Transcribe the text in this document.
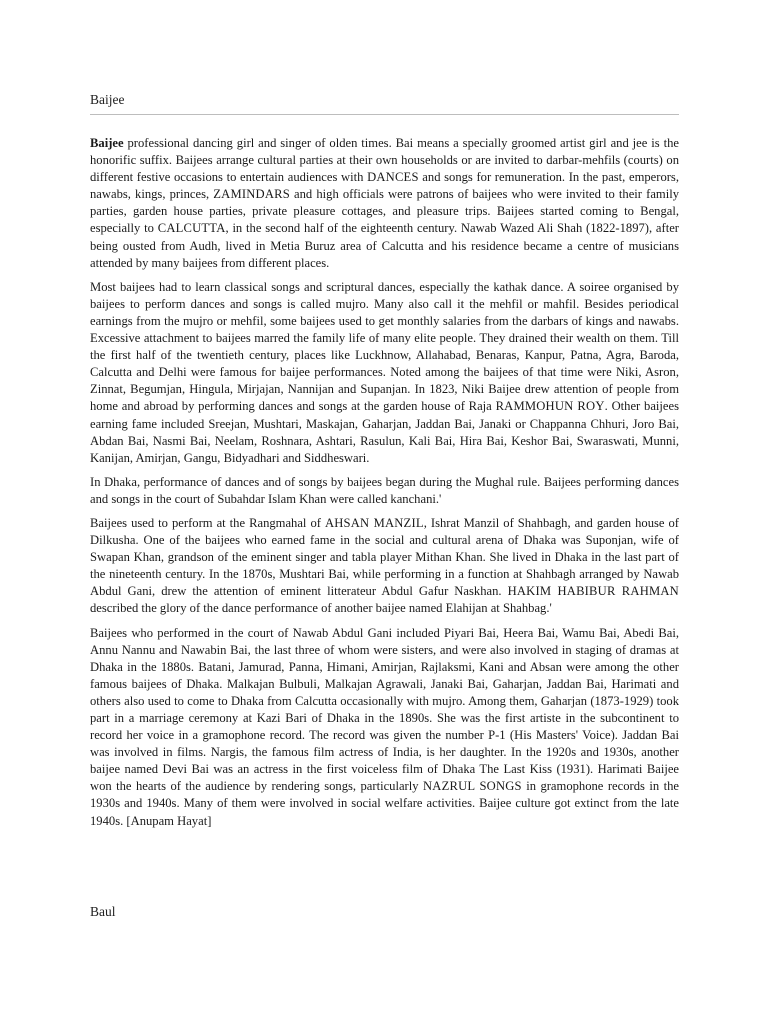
Baijee

Baijee professional dancing girl and singer of olden times. Bai means a specially groomed artist girl and jee is the honorific suffix. Baijees arrange cultural parties at their own households or are invited to darbar-mehfils (courts) on different festive occasions to entertain audiences with DANCES and songs for remuneration. In the past, emperors, nawabs, kings, princes, ZAMINDARS and high officials were patrons of baijees who were invited to their family parties, garden house parties, private pleasure cottages, and pleasure trips. Baijees started coming to Bengal, especially to CALCUTTA, in the second half of the eighteenth century. Nawab Wazed Ali Shah (1822-1897), after being ousted from Audh, lived in Metia Buruz area of Calcutta and his residence became a centre of musicians attended by many baijees from different places.

Most baijees had to learn classical songs and scriptural dances, especially the kathak dance. A soiree organised by baijees to perform dances and songs is called mujro. Many also call it the mehfil or mahfil. Besides periodical earnings from the mujro or mehfil, some baijees used to get monthly salaries from the darbars of kings and nawabs. Excessive attachment to baijees marred the family life of many elite people. They drained their wealth on them. Till the first half of the twentieth century, places like Luckhnow, Allahabad, Benaras, Kanpur, Patna, Agra, Baroda, Calcutta and Delhi were famous for baijee performances. Noted among the baijees of that time were Niki, Asron, Zinnat, Begumjan, Hingula, Mirjajan, Nannijan and Supanjan. In 1823, Niki Baijee drew attention of people from home and abroad by performing dances and songs at the garden house of Raja RAMMOHUN ROY. Other baijees earning fame included Sreejan, Mushtari, Maskajan, Gaharjan, Jaddan Bai, Janaki or Chappanna Chhuri, Joro Bai, Abdan Bai, Nasmi Bai, Neelam, Roshnara, Ashtari, Rasulun, Kali Bai, Hira Bai, Keshor Bai, Swaraswati, Munni, Kanijan, Amirjan, Gangu, Bidyadhari and Siddheswari.

In Dhaka, performance of dances and of songs by baijees began during the Mughal rule. Baijees performing dances and songs in the court of Subahdar Islam Khan were called kanchani.'

Baijees used to perform at the Rangmahal of AHSAN MANZIL, Ishrat Manzil of Shahbagh, and garden house of Dilkusha. One of the baijees who earned fame in the social and cultural arena of Dhaka was Suponjan, wife of Swapan Khan, grandson of the eminent singer and tabla player Mithan Khan. She lived in Dhaka in the last part of the nineteenth century. In the 1870s, Mushtari Bai, while performing in a function at Shahbagh arranged by Nawab Abdul Gani, drew the attention of eminent litterateur Abdul Gafur Naskhan. HAKIM HABIBUR RAHMAN described the glory of the dance performance of another baijee named Elahijan at Shahbag.'

Baijees who performed in the court of Nawab Abdul Gani included Piyari Bai, Heera Bai, Wamu Bai, Abedi Bai, Annu Nannu and Nawabin Bai, the last three of whom were sisters, and were also involved in staging of dramas at Dhaka in the 1880s. Batani, Jamurad, Panna, Himani, Amirjan, Rajlaksmi, Kani and Absan were among the other famous baijees of Dhaka. Malkajan Bulbuli, Malkajan Agrawali, Janaki Bai, Gaharjan, Jaddan Bai, Harimati and others also used to come to Dhaka from Calcutta occasionally with mujro. Among them, Gaharjan (1873-1929) took part in a marriage ceremony at Kazi Bari of Dhaka in the 1890s. She was the first artiste in the subcontinent to record her voice in a gramophone record. The record was given the number P-1 (His Masters' Voice). Jaddan Bai was involved in films. Nargis, the famous film actress of India, is her daughter. In the 1920s and 1930s, another baijee named Devi Bai was an actress in the first voiceless film of Dhaka The Last Kiss (1931). Harimati Baijee won the hearts of the audience by rendering songs, particularly NAZRUL SONGS in gramophone records in the 1930s and 1940s. Many of them were involved in social welfare activities. Baijee culture got extinct from the late 1940s. [Anupam Hayat]

Baul
